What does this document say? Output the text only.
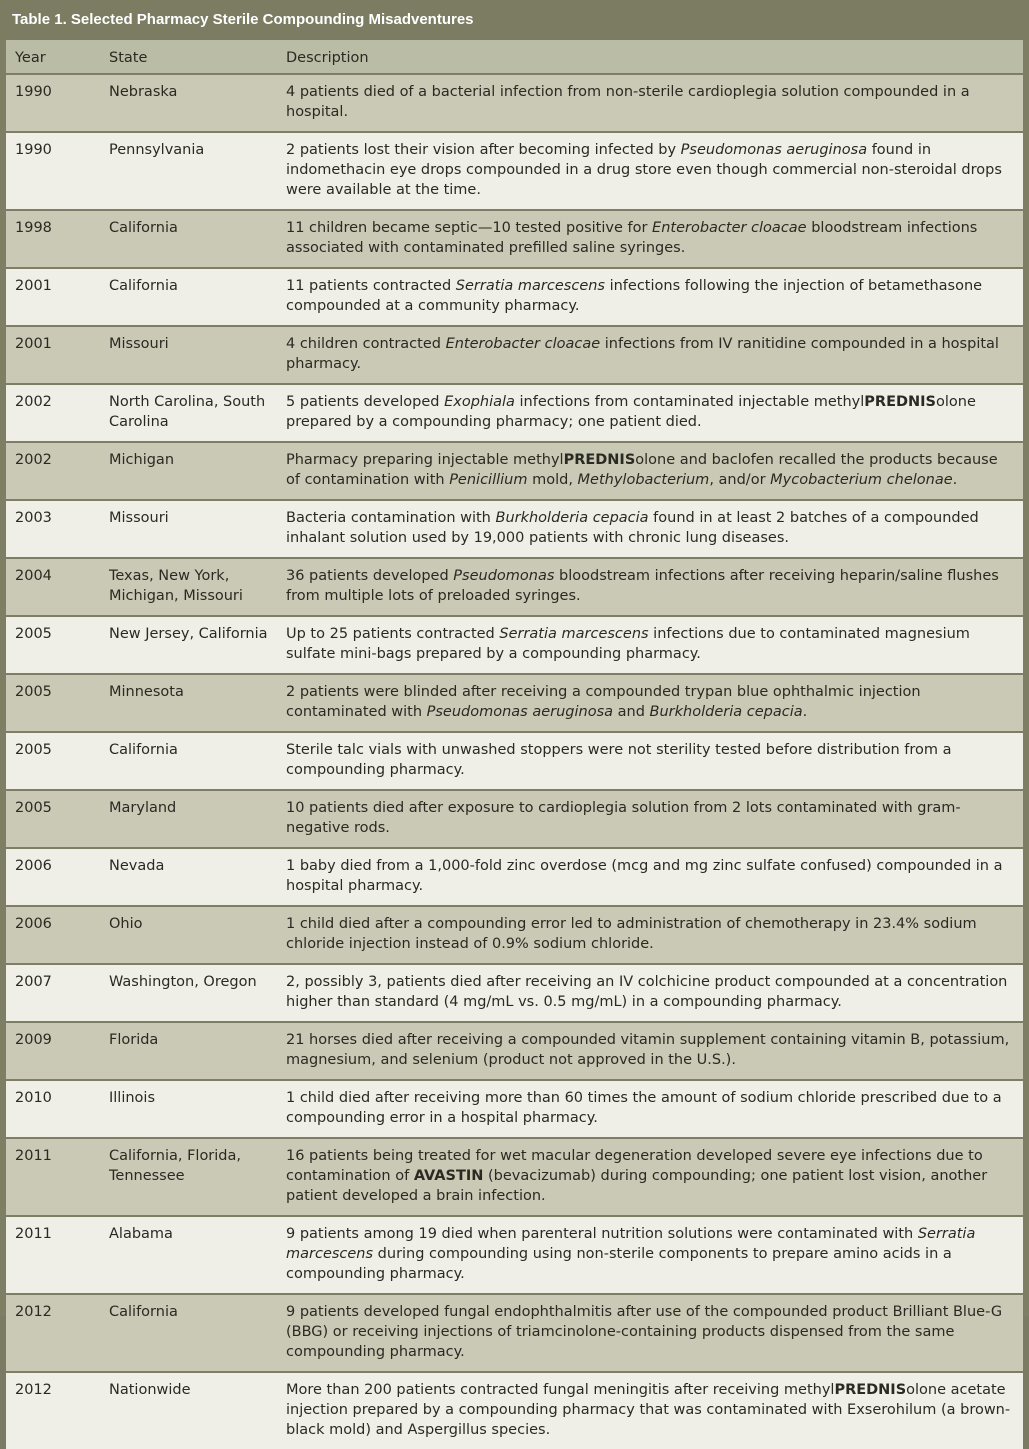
Table 1. Selected Pharmacy Sterile Compounding Misadventures
Year	State	Description
1990	Nebraska	4 patients died of a bacterial infection from non-sterile cardioplegia solution compounded in a hospital.
1990	Pennsylvania	2 patients lost their vision after becoming infected by Pseudomonas aeruginosa found in indomethacin eye drops compounded in a drug store even though commercial non-steroidal drops were available at the time.
1998	California	11 children became septic—10 tested positive for Enterobacter cloacae bloodstream infections associated with contaminated prefilled saline syringes.
2001	California	11 patients contracted Serratia marcescens infections following the injection of betamethasone compounded at a community pharmacy.
2001	Missouri	4 children contracted Enterobacter cloacae infections from IV ranitidine compounded in a hospital pharmacy.
2002	North Carolina, South Carolina	5 patients developed Exophiala infections from contaminated injectable methylPREDNISolone prepared by a compounding pharmacy; one patient died.
2002	Michigan	Pharmacy preparing injectable methylPREDNISolone and baclofen recalled the products because of contamination with Penicillium mold, Methylobacterium, and/or Mycobacterium chelonae.
2003	Missouri	Bacteria contamination with Burkholderia cepacia found in at least 2 batches of a compounded inhalant solution used by 19,000 patients with chronic lung diseases.
2004	Texas, New York, Michigan, Missouri	36 patients developed Pseudomonas bloodstream infections after receiving heparin/saline flushes from multiple lots of preloaded syringes.
2005	New Jersey, California	Up to 25 patients contracted Serratia marcescens infections due to contaminated magnesium sulfate mini-bags prepared by a compounding pharmacy.
2005	Minnesota	2 patients were blinded after receiving a compounded trypan blue ophthalmic injection contaminated with Pseudomonas aeruginosa and Burkholderia cepacia.
2005	California	Sterile talc vials with unwashed stoppers were not sterility tested before distribution from a compounding pharmacy.
2005	Maryland	10 patients died after exposure to cardioplegia solution from 2 lots contaminated with gram-negative rods.
2006	Nevada	1 baby died from a 1,000-fold zinc overdose (mcg and mg zinc sulfate confused) compounded in a hospital pharmacy.
2006	Ohio	1 child died after a compounding error led to administration of chemotherapy in 23.4% sodium chloride injection instead of 0.9% sodium chloride.
2007	Washington, Oregon	2, possibly 3, patients died after receiving an IV colchicine product compounded at a concentration higher than standard (4 mg/mL vs. 0.5 mg/mL) in a compounding pharmacy.
2009	Florida	21 horses died after receiving a compounded vitamin supplement containing vitamin B, potassium, magnesium, and selenium (product not approved in the U.S.).
2010	Illinois	1 child died after receiving more than 60 times the amount of sodium chloride prescribed due to a compounding error in a hospital pharmacy.
2011	California, Florida, Tennessee	16 patients being treated for wet macular degeneration developed severe eye infections due to contamination of AVASTIN (bevacizumab) during compounding; one patient lost vision, another patient developed a brain infection.
2011	Alabama	9 patients among 19 died when parenteral nutrition solutions were contaminated with Serratia marcescens during compounding using non-sterile components to prepare amino acids in a compounding pharmacy.
2012	California	9 patients developed fungal endophthalmitis after use of the compounded product Brilliant Blue-G (BBG) or receiving injections of triamcinolone-containing products dispensed from the same compounding pharmacy.
2012	Nationwide	More than 200 patients contracted fungal meningitis after receiving methylPREDNISolone acetate injection prepared by a compounding pharmacy that was contaminated with Exserohilum (a brown-black mold) and Aspergillus species.
